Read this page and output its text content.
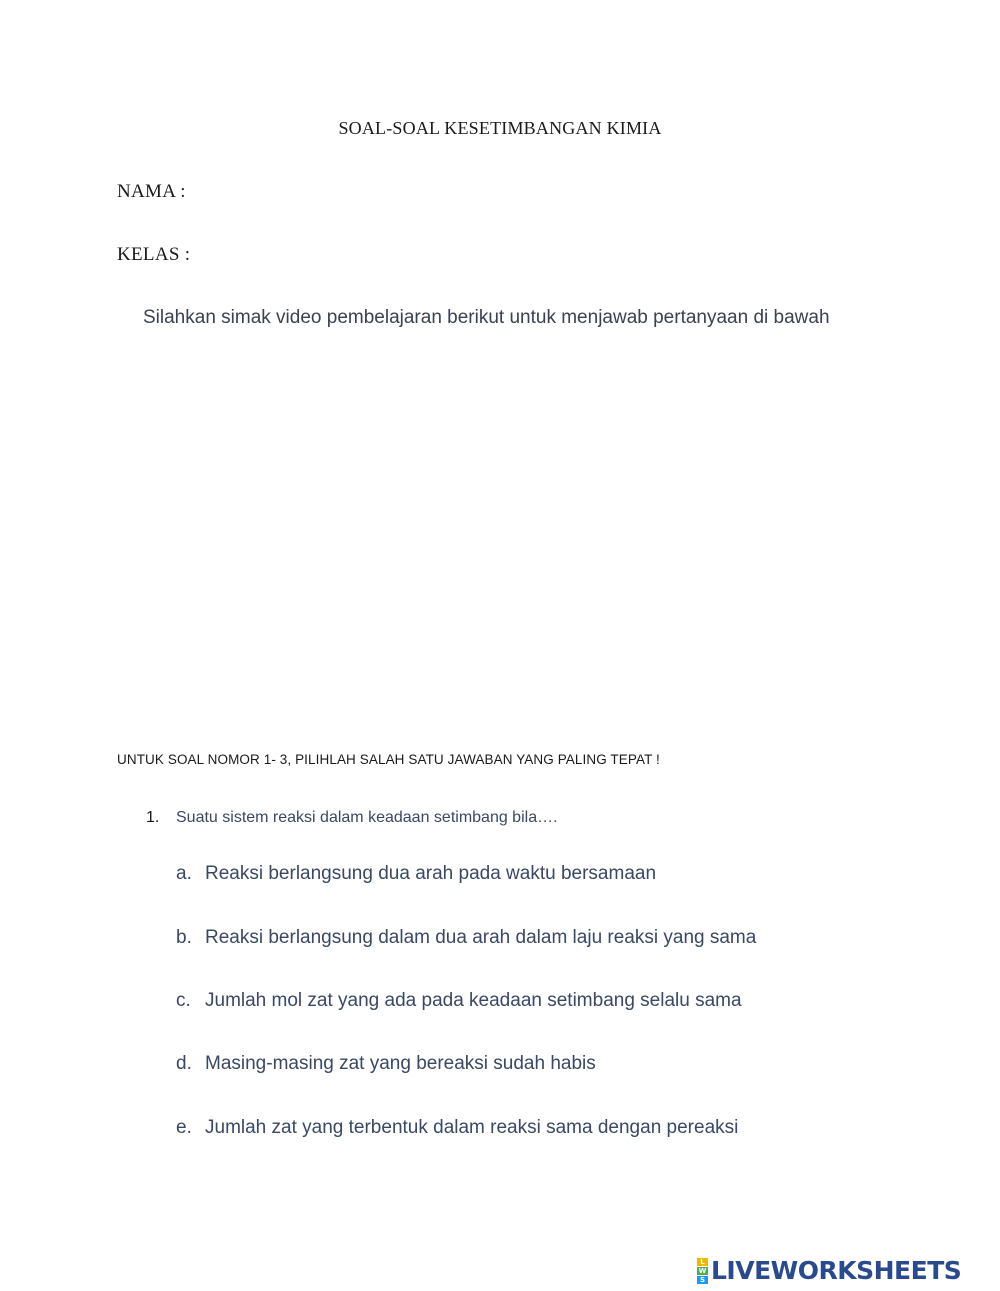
SOAL-SOAL KESETIMBANGAN KIMIA
NAMA :
KELAS :
Silahkan simak video pembelajaran berikut untuk menjawab pertanyaan di bawah
UNTUK SOAL NOMOR 1- 3, PILIHLAH SALAH SATU JAWABAN YANG PALING TEPAT !
1. Suatu sistem reaksi dalam keadaan setimbang bila….
a. Reaksi berlangsung dua arah pada waktu bersamaan
b. Reaksi berlangsung dalam dua arah dalam laju reaksi yang sama
c. Jumlah mol zat yang ada pada keadaan setimbang selalu sama
d. Masing-masing zat yang bereaksi sudah habis
e. Jumlah zat yang terbentuk dalam reaksi sama dengan pereaksi
L
W
S LIVEWORKSHEETS
